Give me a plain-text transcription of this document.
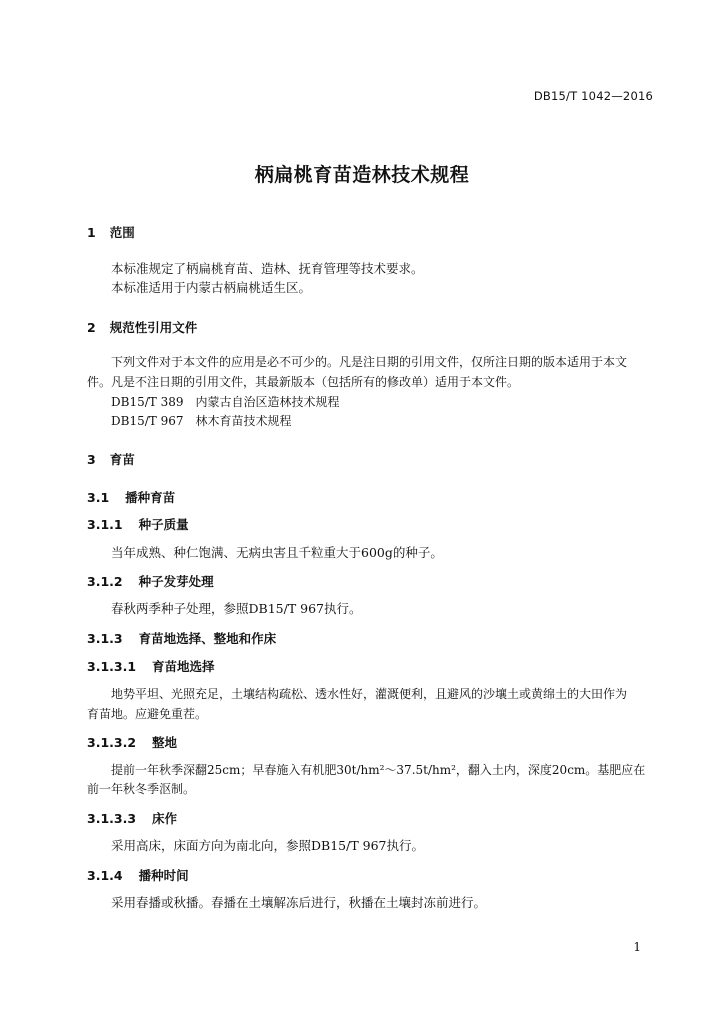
DB15/T 1042—2016
柄扁桃育苗造林技术规程
1 范围
本标准规定了柄扁桃育苗、造林、抚育管理等技术要求。
本标准适用于内蒙古柄扁桃适生区。
2 规范性引用文件
下列文件对于本文件的应用是必不可少的。凡是注日期的引用文件，仅所注日期的版本适用于本文
件。凡是不注日期的引用文件，其最新版本（包括所有的修改单）适用于本文件。
DB15/T 389　内蒙古自治区造林技术规程
DB15/T 967　林木育苗技术规程
3 育苗
3.1 播种育苗
3.1.1 种子质量
当年成熟、种仁饱满、无病虫害且千粒重大于600g的种子。
3.1.2 种子发芽处理
春秋两季种子处理，参照DB15/T 967执行。
3.1.3 育苗地选择、整地和作床
3.1.3.1 育苗地选择
地势平坦、光照充足，土壤结构疏松、透水性好，灌溉便利，且避风的沙壤土或黄绵土的大田作为
育苗地。应避免重茬。
3.1.3.2 整地
提前一年秋季深翻25cm；早春施入有机肥30t/hm²～37.5t/hm²，翻入土内，深度20cm。基肥应在
前一年秋冬季沤制。
3.1.3.3 床作
采用高床，床面方向为南北向，参照DB15/T 967执行。
3.1.4 播种时间
采用春播或秋播。春播在土壤解冻后进行，秋播在土壤封冻前进行。
1
